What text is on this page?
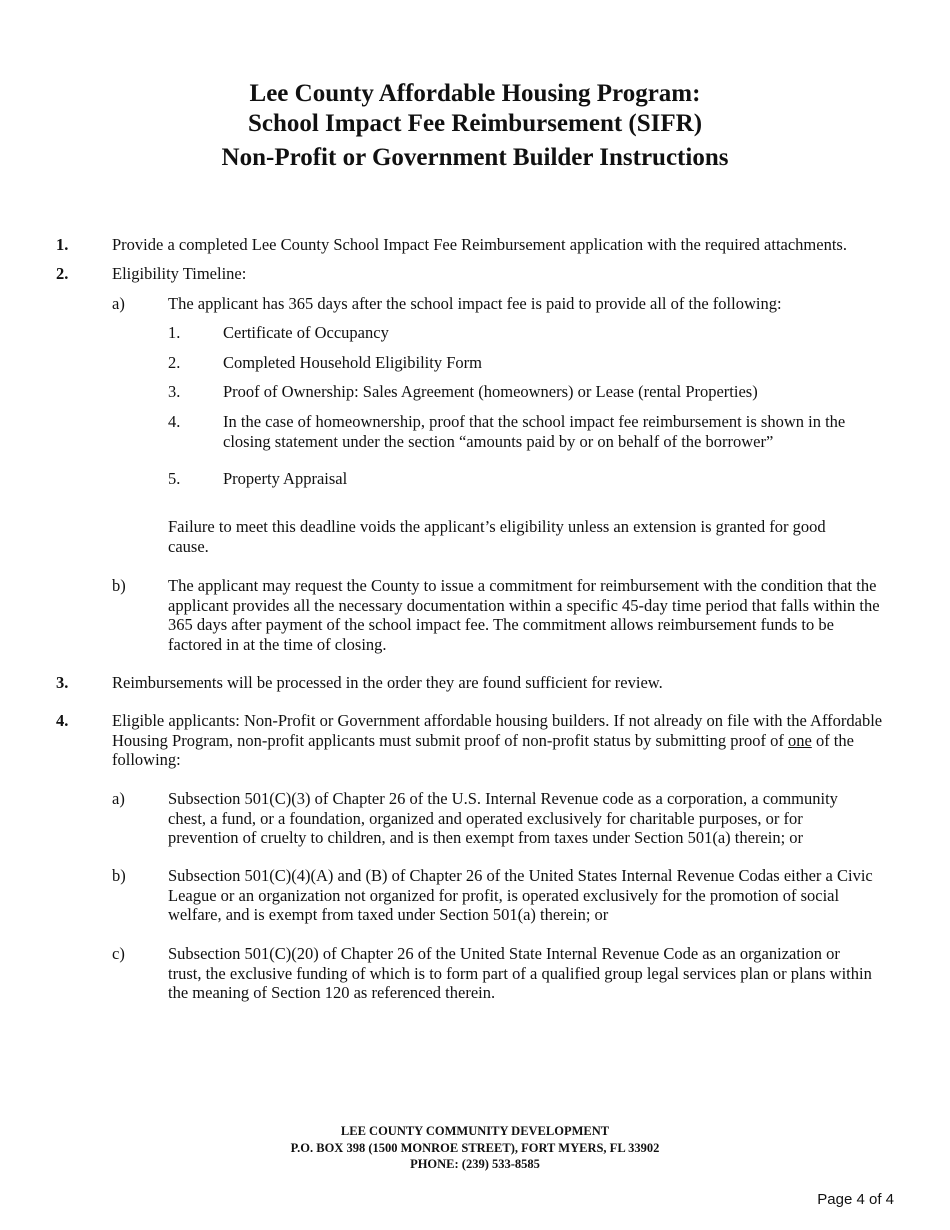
Lee County Affordable Housing Program:
School Impact Fee Reimbursement (SIFR)
Non-Profit or Government Builder Instructions
1.	Provide a completed Lee County School Impact Fee Reimbursement application with the required attachments.
2.	Eligibility Timeline:
a)	The applicant has 365 days after the school impact fee is paid to provide all of the following:
1.	Certificate of Occupancy
2.	Completed Household Eligibility Form
3.	Proof of Ownership: Sales Agreement (homeowners) or Lease (rental Properties)
4.	In the case of homeownership, proof that the school impact fee reimbursement is shown in the closing statement under the section “amounts paid by or on behalf of the borrower”
5.	Property Appraisal
Failure to meet this deadline voids the applicant’s eligibility unless an extension is granted for good cause.
b)	The applicant may request the County to issue a commitment for reimbursement with the condition that the applicant provides all the necessary documentation within a specific 45-day time period that falls within the 365 days after payment of the school impact fee. The commitment allows reimbursement funds to be factored in at the time of closing.
3.	Reimbursements will be processed in the order they are found sufficient for review.
4.	Eligible applicants: Non-Profit or Government affordable housing builders. If not already on file with the Affordable Housing Program, non-profit applicants must submit proof of non-profit status by submitting proof of one of the following:
a)	Subsection 501(C)(3) of Chapter 26 of the U.S. Internal Revenue code as a corporation, a community chest, a fund, or a foundation, organized and operated exclusively for charitable purposes, or for prevention of cruelty to children, and is then exempt from taxes under Section 501(a) therein; or
b)	Subsection 501(C)(4)(A) and (B) of Chapter 26 of the United States Internal Revenue Codas either a Civic League or an organization not organized for profit, is operated exclusively for the promotion of social welfare, and is exempt from taxed under Section 501(a) therein; or
c)	Subsection 501(C)(20) of Chapter 26 of the United State Internal Revenue Code as an organization or trust, the exclusive funding of which is to form part of a qualified group legal services plan or plans within the meaning of Section 120 as referenced therein.
LEE COUNTY COMMUNITY DEVELOPMENT
P.O. BOX 398 (1500 MONROE STREET), FORT MYERS, FL 33902
PHONE: (239) 533-8585
Page 4 of 4
